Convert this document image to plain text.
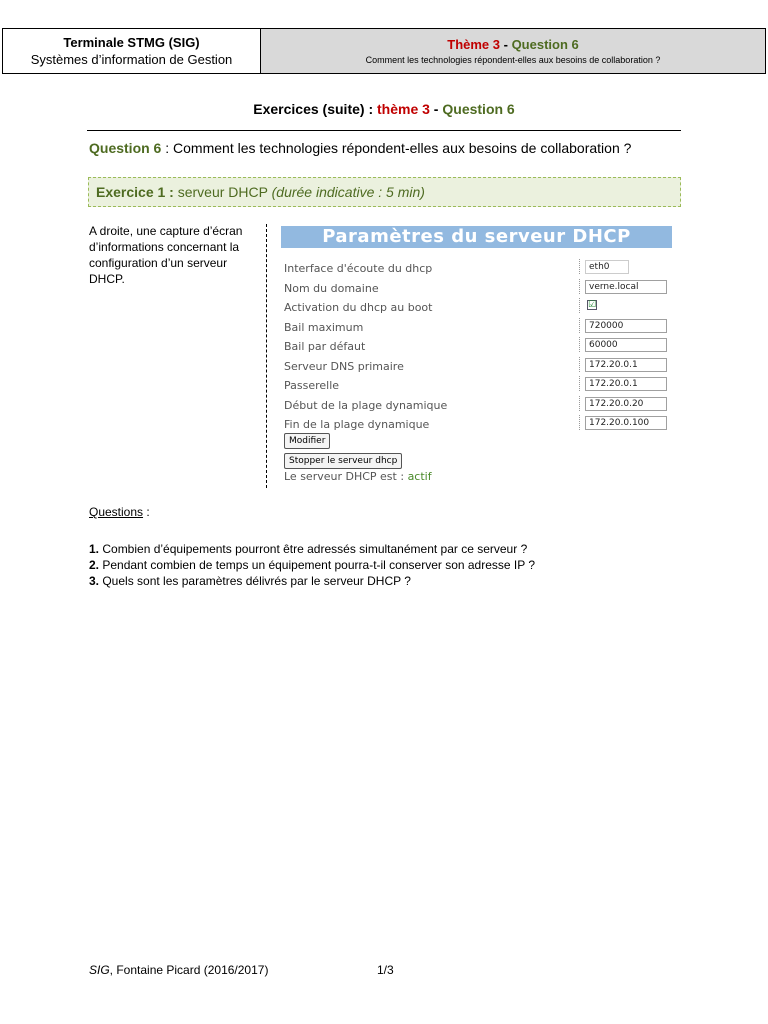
Terminale STMG (SIG)
Systèmes d’information de Gestion
Thème 3 - Question 6
Comment les technologies répondent-elles aux besoins de collaboration ?
Exercices (suite) : thème 3 - Question 6
Question 6 : Comment les technologies répondent-elles aux besoins de collaboration ?
Exercice 1 : serveur DHCP (durée indicative : 5 min)
A droite, une capture d’écran d’informations concernant la configuration d’un serveur DHCP.
Paramètres du serveur DHCP
Interface d'écoute du dhcp	eth0
Nom du domaine	verne.local
Activation du dhcp au boot	☑
Bail maximum	720000
Bail par défaut	60000
Serveur DNS primaire	172.20.0.1
Passerelle	172.20.0.1
Début de la plage dynamique	172.20.0.20
Fin de la plage dynamique	172.20.0.100
Modifier
Stopper le serveur dhcp
Le serveur DHCP est : actif
Questions :
1. Combien d’équipements pourront être adressés simultanément par ce serveur ?
2. Pendant combien de temps un équipement pourra-t-il conserver son adresse IP ?
3. Quels sont les paramètres délivrés par le serveur DHCP ?
SIG, Fontaine Picard (2016/2017)	1/3
